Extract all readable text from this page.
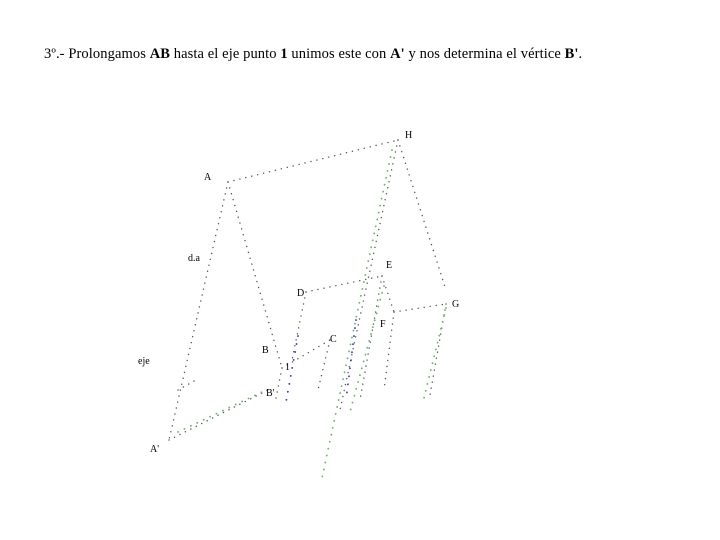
3º.- Prolongamos AB hasta el eje punto 1 unimos este con A' y nos determina el vértice B'.
A
H
d.a
E
D
G
F
C
B
1
eje
B'
A'
